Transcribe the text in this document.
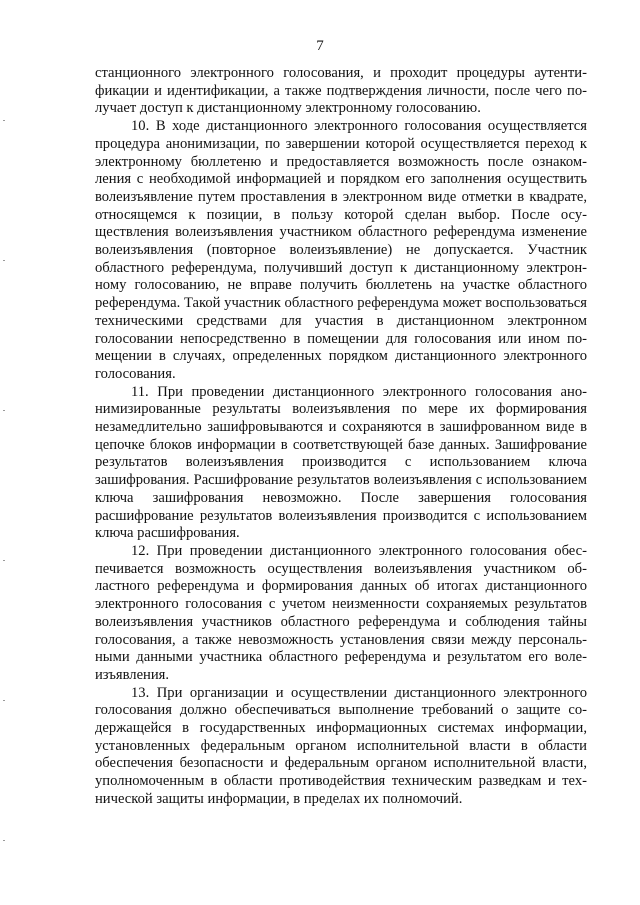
7

станционного электронного голосования, и проходит процедуры аутентификации и идентификации, а также подтверждения личности, после чего получает доступ к дистанционному электронному голосованию.

10. В ходе дистанционного электронного голосования осуществляется процедура анонимизации, по завершении которой осуществляется переход к электронному бюллетеню и предоставляется возможность после ознакомления с необходимой информацией и порядком его заполнения осуществить волеизъявление путем проставления в электронном виде отметки в квадрате, относящемся к позиции, в пользу которой сделан выбор. После осуществления волеизъявления участником областного референдума изменение волеизъявления (повторное волеизъявление) не допускается. Участник областного референдума, получивший доступ к дистанционному электронному голосованию, не вправе получить бюллетень на участке областного референдума. Такой участник областного референдума может воспользоваться техническими средствами для участия в дистанционном электронном голосовании непосредственно в помещении для голосования или ином помещении в случаях, определенных порядком дистанционного электронного голосования.

11. При проведении дистанционного электронного голосования анонимизированные результаты волеизъявления по мере их формирования незамедлительно зашифровываются и сохраняются в зашифрованном виде в цепочке блоков информации в соответствующей базе данных. Зашифрование результатов волеизъявления производится с использованием ключа зашифрования. Расшифрование результатов волеизъявления с использованием ключа зашифрования невозможно. После завершения голосования расшифрование результатов волеизъявления производится с использованием ключа расшифрования.

12. При проведении дистанционного электронного голосования обеспечивается возможность осуществления волеизъявления участником областного референдума и формирования данных об итогах дистанционного электронного голосования с учетом неизменности сохраняемых результатов волеизъявления участников областного референдума и соблюдения тайны голосования, а также невозможность установления связи между персональными данными участника областного референдума и результатом его волеизъявления.

13. При организации и осуществлении дистанционного электронного голосования должно обеспечиваться выполнение требований о защите содержащейся в государственных информационных системах информации, установленных федеральным органом исполнительной власти в области обеспечения безопасности и федеральным органом исполнительной власти, уполномоченным в области противодействия техническим разведкам и технической защиты информации, в пределах их полномочий.
